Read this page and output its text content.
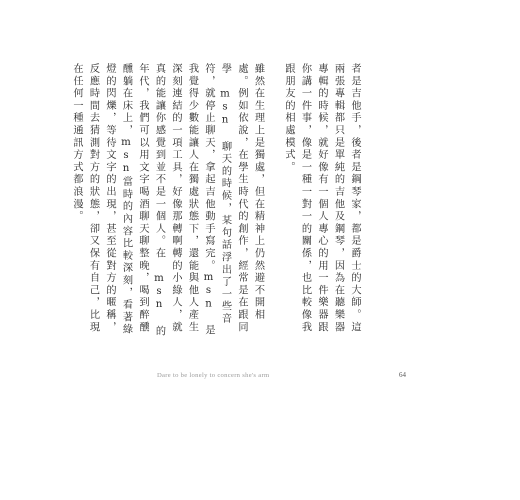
者是吉他手，後者是鋼琴家，都是爵士的大師。這兩張專輯都只是單純的吉他及鋼琴，因為在聽樂器專輯的時候，就好像有一個人專心的用一件樂器跟你講一件事，像是一種一對一的關係，也比較像我跟朋友的相處模式。

雖然在生理上是獨處，但在精神上仍然避不開相處。例如依說，在學生時代的創作，經常是在跟同學 msn 聊天的時候，某句話浮出了一些音符，就停止聊天，拿起吉他動手寫完。msn 是我覺得少數能讓人在獨處狀態下，還能與他人產生深刻連結的一項工具，好像那轉啊轉的小綠人，就真的能讓你感覺到並不是一個人。在 msn 的年代，我們可以用文字喝酒聊天聊整晚，喝到醉醺醺躺在床上，msn當時的內容比較深刻，看著綠燈的閃爍，等待文字的出現，甚至從對方的暱稱，反應時間去猜測對方的狀態，卻又保有自己，比現在任何一種通訊方式都浪漫。

Dare to be lonely to concern she's arm	64
